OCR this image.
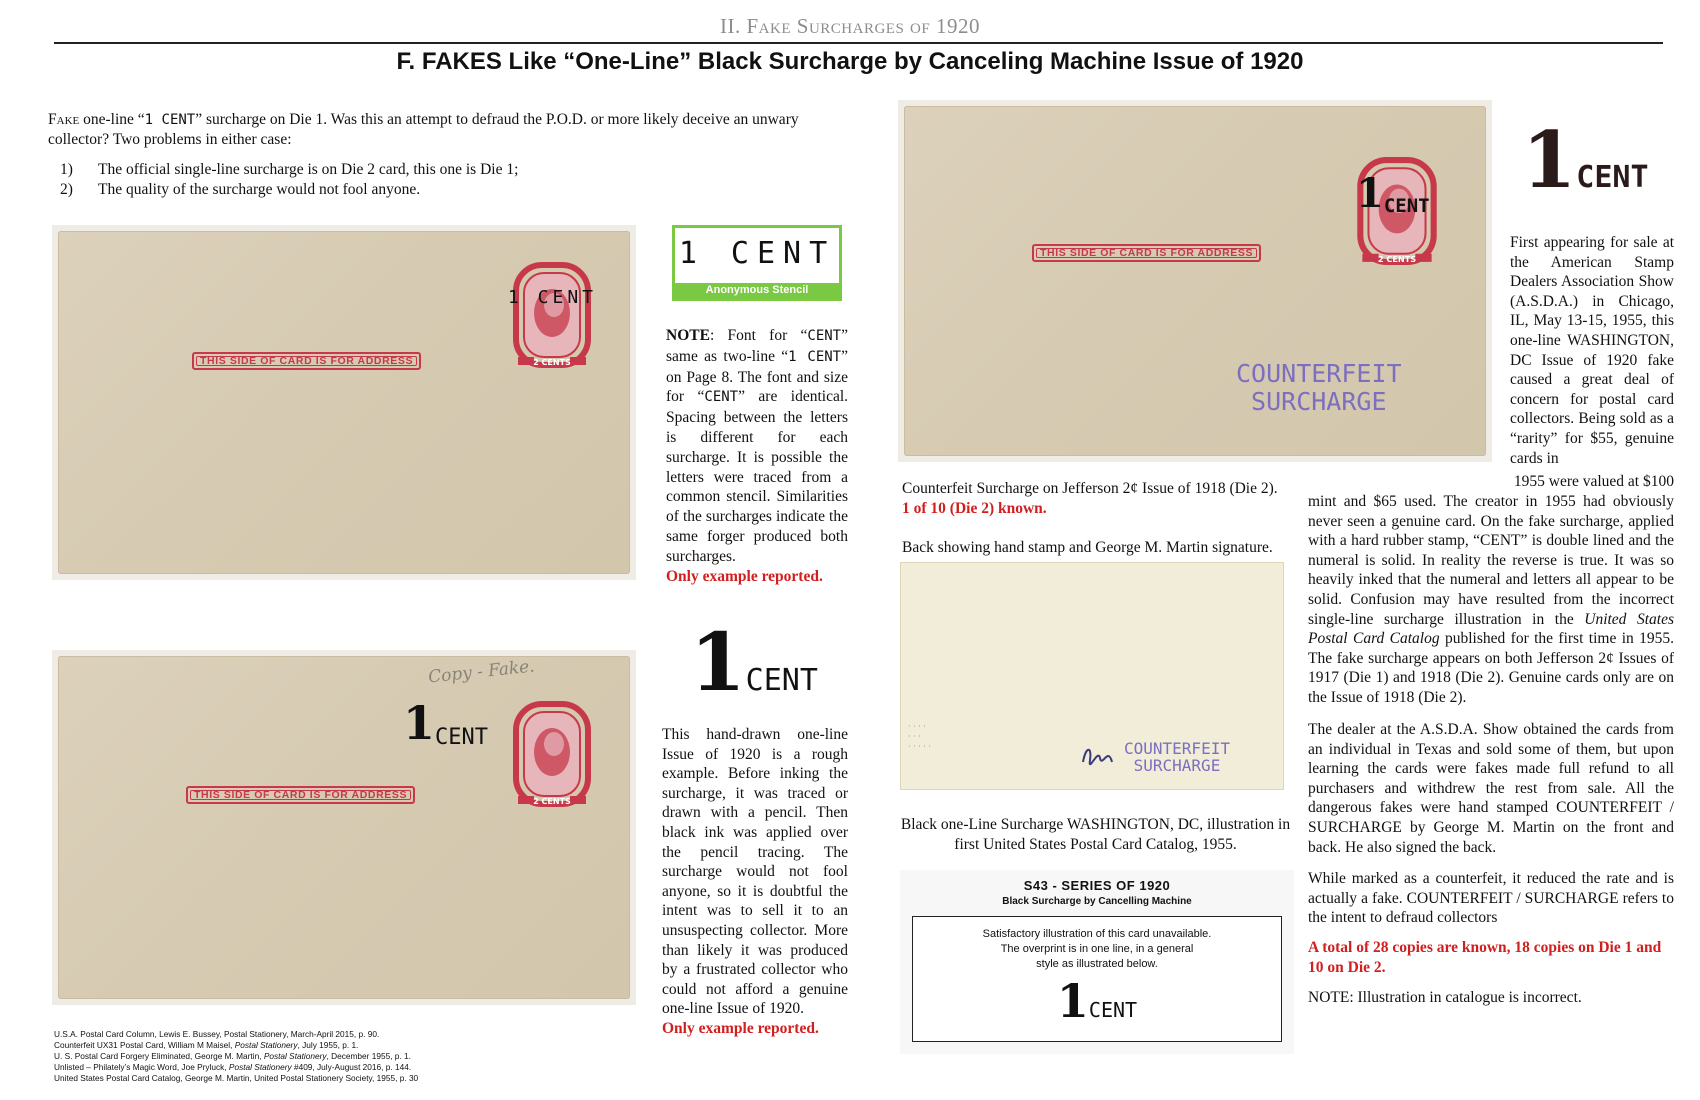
II. Fake Surcharges of 1920
F. FAKES Like “One-Line” Black Surcharge by Canceling Machine Issue of 1920
Fake one-line “1 CENT” surcharge on Die 1. Was this an attempt to defraud the P.O.D. or more likely deceive an unwary collector? Two problems in either case:
1)	The official single-line surcharge is on Die 2 card, this one is Die 1;
2)	The quality of the surcharge would not fool anyone.
THIS SIDE OF CARD IS FOR ADDRESS	2 CENTS
1 CENT
1 CENT
Anonymous Stencil
NOTE: Font for “CENT” same as two-line “1 CENT” on Page 8. The font and size for “CENT” are identical. Spacing between the letters is different for each surcharge. It is possible the letters were traced from a common stencil. Similarities of the surcharges indicate the same forger produced both surcharges.
Only example reported.
Copy - Fake.
THIS SIDE OF CARD IS FOR ADDRESS
2 CENTS
1CENT
1CENT
This hand-drawn one-line Issue of 1920 is a rough example. Before inking the surcharge, it was traced or drawn with a pencil. Then black ink was applied over the pencil tracing. The surcharge would not fool anyone, so it is doubtful the intent was to sell it to an unsuspecting collector. More than likely it was produced by a frustrated collector who could not afford a genuine one-line Issue of 1920.
Only example reported.
U.S.A. Postal Card Column, Lewis E. Bussey, Postal Stationery, March-April 2015, p. 90.
Counterfeit UX31 Postal Card, William M Maisel, Postal Stationery, July 1955, p. 1.
U. S. Postal Card Forgery Eliminated, George M. Martin, Postal Stationery, December 1955, p. 1.
Unlisted – Philately’s Magic Word, Joe Pryluck, Postal Stationery #409, July-August 2016, p. 144.
United States Postal Card Catalog, George M. Martin, United Postal Stationery Society, 1955, p. 30
THIS SIDE OF CARD IS FOR ADDRESS	2 CENTS
1CENT
COUNTERFEIT
SURCHARGE
Counterfeit Surcharge on Jefferson 2¢ Issue of 1918 (Die 2).
1 of 10 (Die 2) known.
1CENT
First appearing for sale at the American Stamp Dealers Association Show (A.S.D.A.) in Chicago, IL, May 13-15, 1955, this one-line WASHINGTON, DC Issue of 1920 fake caused a great deal of concern for postal card collectors. Being sold as a “rarity” for $55, genuine cards in
1955 were valued at $100
mint and $65 used. The creator in 1955 had obviously never seen a genuine card. On the fake surcharge, applied with a hard rubber stamp, “CENT” is double lined and the numeral is solid. In reality the reverse is true. It was so heavily inked that the numeral and letters all appear to be solid. Confusion may have resulted from the incorrect single-line surcharge illustration in the United States Postal Card Catalog published for the first time in 1955. The fake surcharge appears on both Jefferson 2¢ Issues of 1917 (Die 1) and 1918 (Die 2). Genuine cards only are on the Issue of 1918 (Die 2).
The dealer at the A.S.D.A. Show obtained the cards from an individual in Texas and sold some of them, but upon learning the cards were fakes made full refund to all purchasers and withdrew the rest from sale. All the dangerous fakes were hand stamped COUNTERFEIT / SURCHARGE by George M. Martin on the front and back. He also signed the back.
While marked as a counterfeit, it reduced the rate and is actually a fake. COUNTERFEIT / SURCHARGE refers to the intent to defraud collectors
A total of 28 copies are known, 18 copies on Die 1 and 10 on Die 2.
NOTE: Illustration in catalogue is incorrect.
Back showing hand stamp and George M. Martin signature.
· · · ·
· · ·
· · · · ·	COUNTERFEIT
SURCHARGE
Black one-Line Surcharge WASHINGTON, DC, illustration in first United States Postal Card Catalog, 1955.
S43 - SERIES OF 1920
Black Surcharge by Cancelling Machine
Satisfactory illustration of this card unavailable.
The overprint is in one line, in a general
style as illustrated below.
1CENT
